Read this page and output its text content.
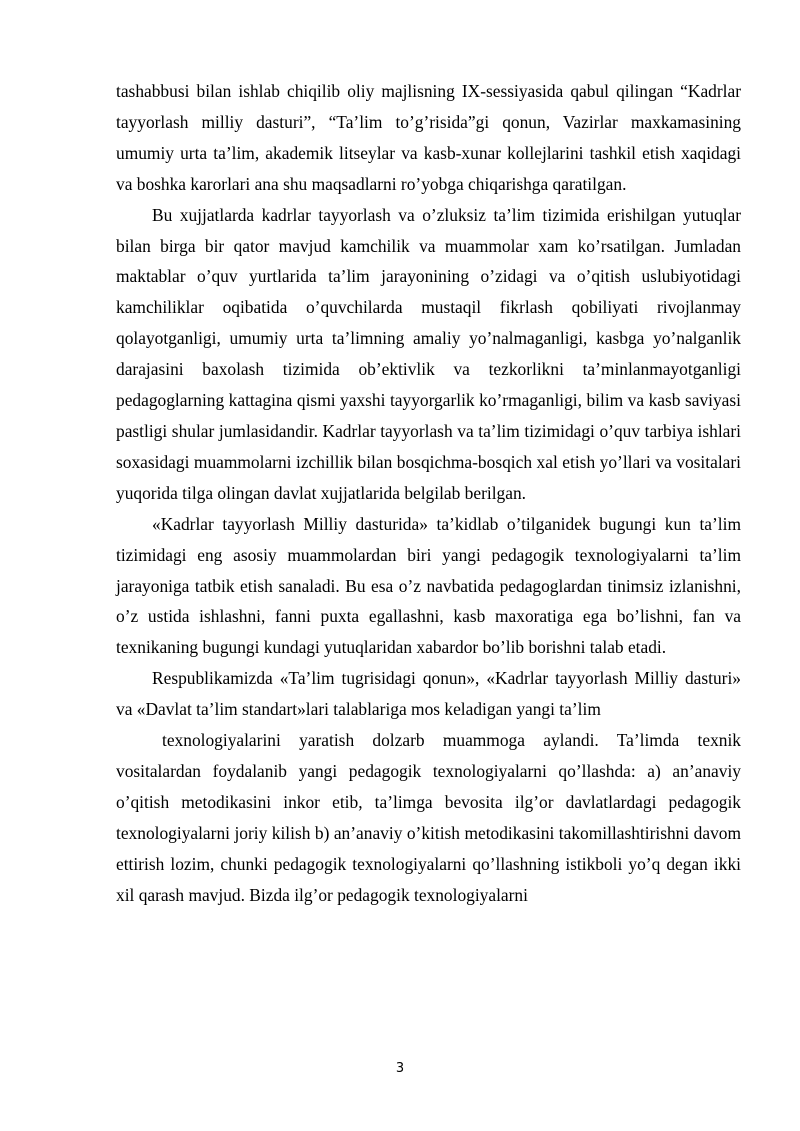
tashabbusi bilan ishlab chiqilib oliy majlisning IX-sessiyasida qabul qilingan “Kadrlar tayyorlash milliy dasturi”, “Ta’lim to’g’risida”gi qonun, Vazirlar maxkamasining umumiy urta ta’lim, akademik litseylar va kasb-xunar kollejlarini tashkil etish xaqidagi va boshka karorlari ana shu maqsadlarni ro’yobga chiqarishga qaratilgan.

Bu xujjatlarda kadrlar tayyorlash va o’zluksiz ta’lim tizimida erishilgan yutuqlar bilan birga bir qator mavjud kamchilik va muammolar xam ko’rsatilgan. Jumladan maktablar o’quv yurtlarida ta’lim jarayonining o’zidagi va o’qitish uslubiyotidagi kamchiliklar oqibatida o’quvchilarda mustaqil fikrlash qobiliyati rivojlanmay qolayotganligi, umumiy urta ta’limning amaliy yo’nalmaganligi, kasbga yo’nalganlik darajasini baxolash tizimida ob’ektivlik va tezkorlikni ta’minlanmayotganligi pedagoglarning kattagina qismi yaxshi tayyorgarlik ko’rmaganligi, bilim va kasb saviyasi pastligi shular jumlasidandir. Kadrlar tayyorlash va ta’lim tizimidagi o’quv tarbiya ishlari soxasidagi muammolarni izchillik bilan bosqichma-bosqich xal etish yo’llari va vositalari yuqorida tilga olingan davlat xujjatlarida belgilab berilgan.

«Kadrlar tayyorlash Milliy dasturida» ta’kidlab o’tilganidek bugungi kun ta’lim tizimidagi eng asosiy muammolardan biri yangi pedagogik texnologiyalarni ta’lim jarayoniga tatbik etish sanaladi. Bu esa o’z navbatida pedagoglardan tinimsiz izlanishni, o’z ustida ishlashni, fanni puxta egallashni, kasb maxoratiga ega bo’lishni, fan va texnikaning bugungi kundagi yutuqlaridan xabardor bo’lib borishni talab etadi.

Respublikamizda «Ta’lim tugrisidagi qonun», «Kadrlar tayyorlash Milliy dasturi» va «Davlat ta’lim standart»lari talablariga mos keladigan yangi ta’lim

texnologiyalarini yaratish dolzarb muammoga aylandi. Ta’limda texnik vositalardan foydalanib yangi pedagogik texnologiyalarni qo’llashda: a) an’anaviy o’qitish metodikasini inkor etib, ta’limga bevosita ilg’or davlatlardagi pedagogik texnologiyalarni joriy kilish b) an’anaviy o’kitish metodikasini takomillashtirishni davom ettirish lozim, chunki pedagogik texnologiyalarni qo’llashning istikboli yo’q degan ikki xil qarash mavjud. Bizda ilg’or pedagogik texnologiyalarni

3
